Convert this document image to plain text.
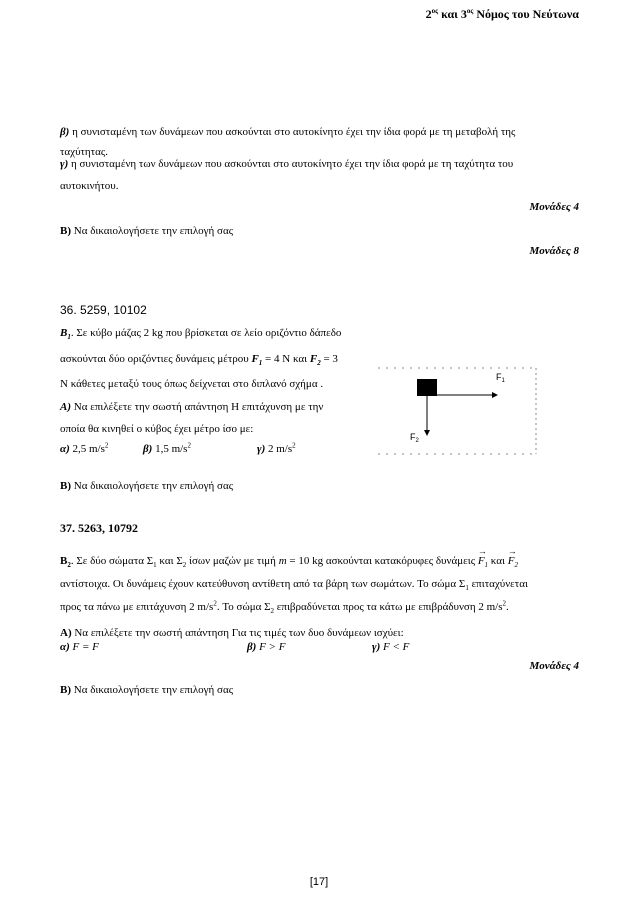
$2^{o\varsigma}$ και $3^{o\varsigma}$ Νόμος του Νεύτωνα
β) η συνισταμένη των δυνάμεων που ασκούνται στο αυτοκίνητο έχει την ίδια φορά με τη μεταβολή της
ταχύτητας.
γ) η συνισταμένη των δυνάμεων που ασκούνται στο αυτοκίνητο έχει την ίδια φορά με τη ταχύτητα του
αυτοκινήτου.
Μονάδες 4
Β) Να δικαιολογήσετε την επιλογή σας
Μονάδες 8
36. 5259, 10102
$B_1$. Σε κύβο μάζας 2 kg που βρίσκεται σε λείο οριζόντιο δάπεδο
ασκούνται δύο οριζόντιες δυνάμεις μέτρου $F_1 = 4$ N και $F_2 = 3$
N κάθετες μεταξύ τους όπως δείχνεται στο διπλανό σχήμα .
Α) Να επιλέξετε την σωστή απάντηση Η επιτάχυνση με την
οποία θα κινηθεί ο κύβος έχει μέτρο ίσο με:
α) 2,5 $m/s^2$	β) 1,5 $m/s^2$	γ) 2 $m/s^2$
Β) Να δικαιολογήσετε την επιλογή σας
$F_1$
$F_2$
37. 5263, 10792
$B_2$. Σε δύο σώματα $\Sigma_1$ και $\Sigma_2$ ίσων μαζών με τιμή m = 10 kg ασκούνται κατακόρυφες $\delta\upsilon\nu ά\mu\varepsilon\iota\varsigma \to F_1$ $\kappa\alpha\iota \to F_2$
αντίστοιχα. Οι δυνάμεις έχουν κατεύθυνση αντίθετη από τα βάρη των σωμάτων. Το σώμα $\Sigma_1$ επιταχύνεται
προς τα πάνω με επιτάχυνση 2 $m/s^2$. Το σώμα $\Sigma_2$ επιβραδύνεται προς τα κάτω με επιβράδυνση 2 $m/s^2$.
Α) Να επιλέξετε την σωστή απάντηση Για τις τιμές των δυο δυνάμεων ισχύει:
α) F = F	β) F > F	γ) F < F
Μονάδες 4
Β) Να δικαιολογήσετε την επιλογή σας
[17]
